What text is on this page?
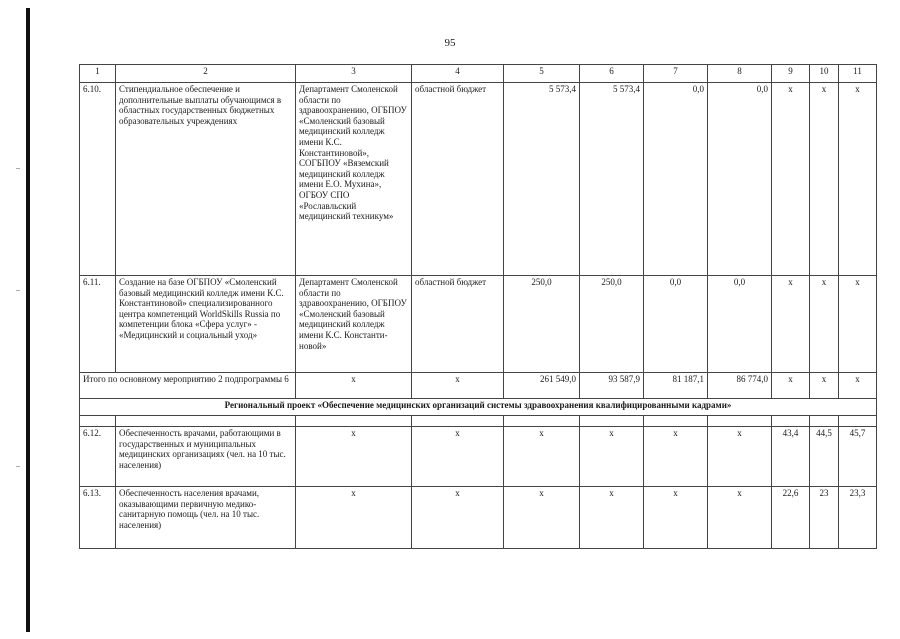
95
1	2	3	4	5	6	7	8	9	10	11
6.10.	Стипендиальное обеспечение и дополнительные выплаты обучающимся в областных государственных бюджетных образовательных учреждениях	Департамент Смоленской области по здравоохранению, ОГБПОУ «Смоленский базовый медицинский колледж имени К.С. Константиновой», СОГБПОУ «Вяземский медицинский колледж имени Е.О. Мухина», ОГБОУ СПО «Рославльский медицинский техникум»	областной бюджет	5 573,4	5 573,4	0,0	0,0	х	х	х
6.11.	Создание на базе ОГБПОУ «Смоленский базовый медицинский колледж имени К.С. Константиновой» специализированного центра компетенций WorldSkills Russia по компетенции блока «Сфера услуг» - «Медицинский и социальный уход»	Департамент Смоленской области по здравоохранению, ОГБПОУ «Смоленский базовый медицинский колледж имени К.С. Константи-новой»	областной бюджет	250,0	250,0	0,0	0,0	х	х	х
Итого по основному мероприятию 2 подпрограммы 6		х	х	261 549,0	93 587,9	81 187,1	86 774,0	х	х	х
Региональный проект «Обеспечение медицинских организаций системы здравоохранения квалифицированными кадрами»										

6.12.	Обеспеченность врачами, работающими в государственных и муниципальных медицинских организациях (чел. на 10 тыс. населения)	х	х	х	х	х	х	43,4	44,5	45,7
6.13.	Обеспеченность населения врачами, оказывающими первичную медико-санитарную помощь (чел. на 10 тыс. населения)	х	х	х	х	х	х	22,6	23	23,3
